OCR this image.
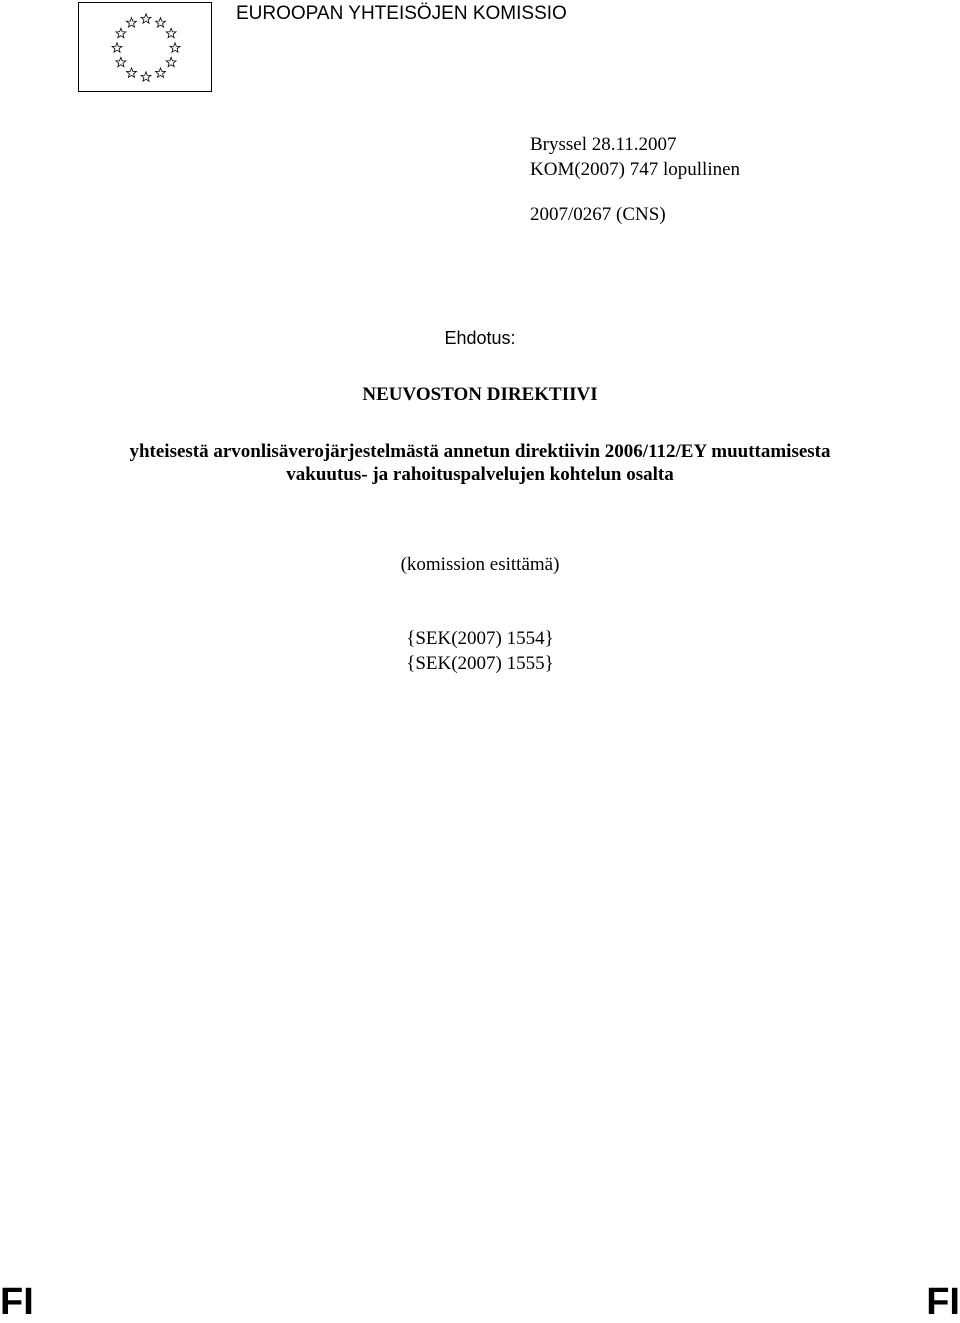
EUROOPAN YHTEISÖJEN KOMISSIO
Bryssel 28.11.2007
KOM(2007) 747 lopullinen
2007/0267 (CNS)
Ehdotus:
NEUVOSTON DIREKTIIVI
yhteisestä arvonlisäverojärjestelmästä annetun direktiivin 2006/112/EY muuttamisesta
vakuutus- ja rahoituspalvelujen kohtelun osalta
(komission esittämä)
{SEK(2007) 1554}
{SEK(2007) 1555}
FI	FI
